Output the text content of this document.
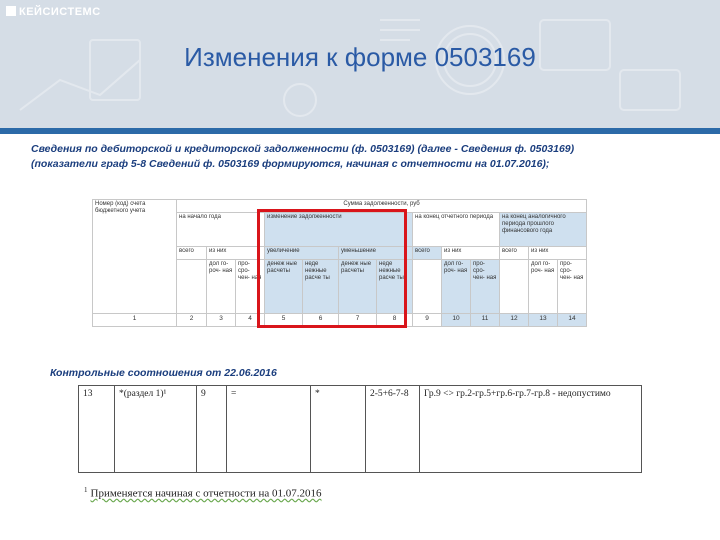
КЕЙСИСТЕМС
Изменения к форме 0503169
Сведения по дебиторской и кредиторской задолженности (ф. 0503169) (далее - Сведения ф. 0503169)
(показатели граф 5-8 Сведений ф. 0503169 формируются, начиная с отчетности на 01.07.2016);
Номер (код) счета бюджетного учета	Сумма задолженности, руб												
	на начало года			изменение задолженности				на конец отчетного периода			на конец аналогичного периода прошлого финансового года		
	всего	из них		увеличение		уменьшение		всего	из них		всего	из них	
		дол го- роч- ная	про- сро- чен- ная	денеж ные расчеты	неде нежные расче ты	денеж ные расчеты	неде нежные расче ты		дол го- роч- ная	про- сро- чен- ная		дол го- роч- ная	про- сро- чен- ная
1	2	3	4	5	6	7	8	9	10	11	12	13	14
Контрольные соотношения от 22.06.2016
13	*(раздел 1)¹	9	=	*	2-5+6-7-8	Гр.9 <> гр.2-гр.5+гр.6-гр.7-гр.8 - недопустимо
$^1$ Применяется начиная с отчетности на 01.07.2016
